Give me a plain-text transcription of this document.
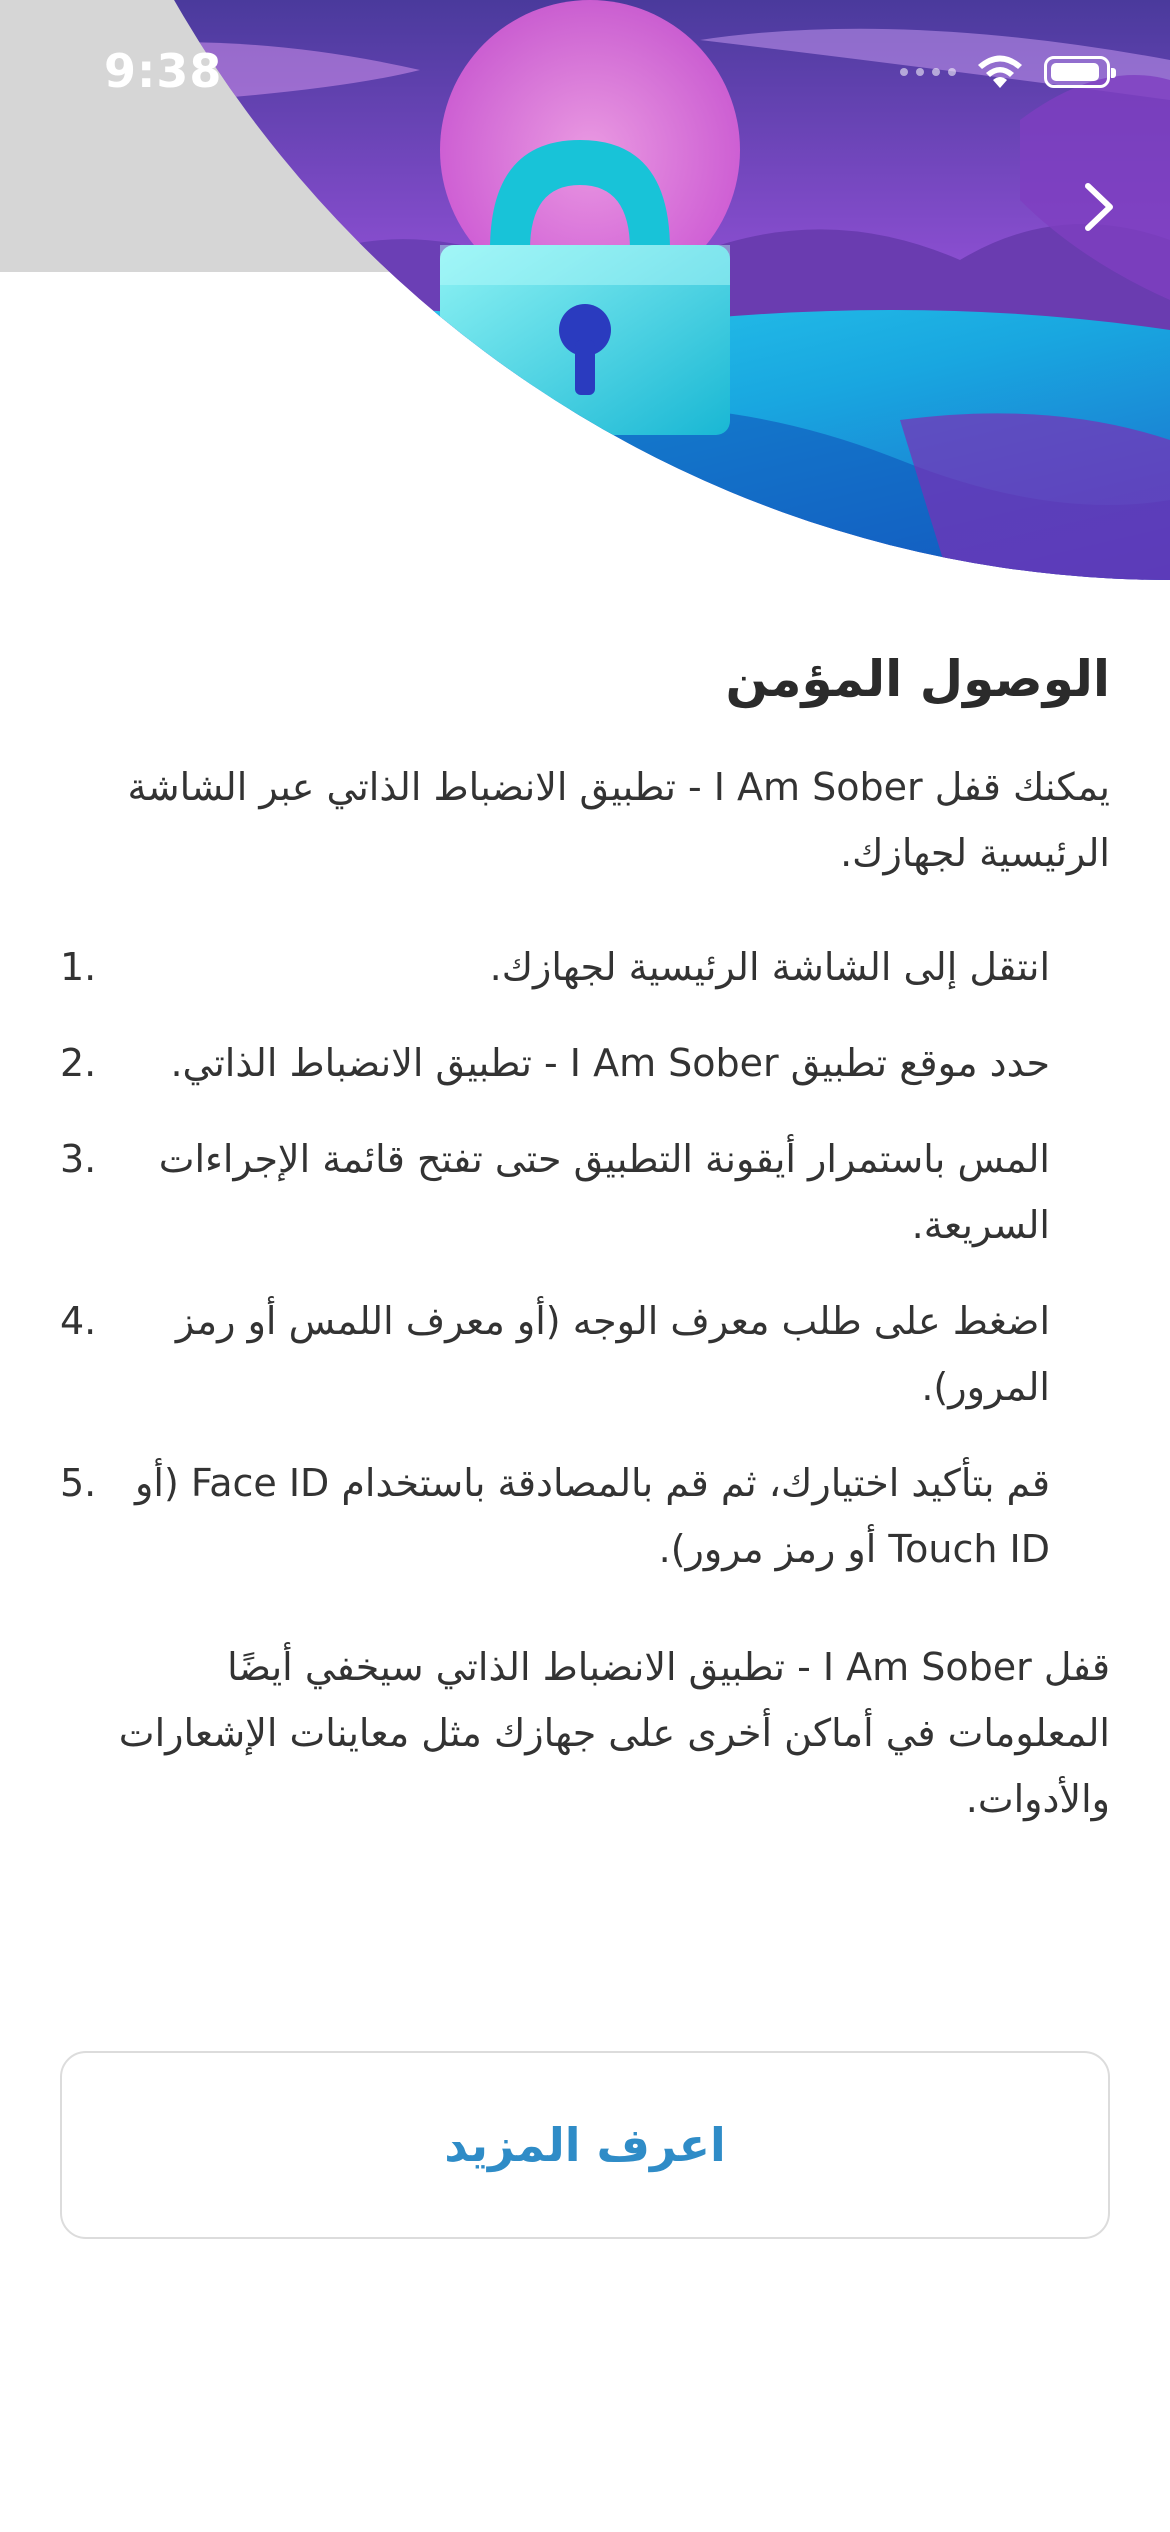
9:38
الوصول المؤمن

يمكنك قفل I Am Sober - تطبيق الانضباط الذاتي عبر الشاشة الرئيسية لجهازك.

انتقل إلى الشاشة الرئيسية لجهازك.
1.
حدد موقع تطبيق I Am Sober - تطبيق الانضباط الذاتي.
2.
المس باستمرار أيقونة التطبيق حتى تفتح قائمة الإجراءات السريعة.
3.
اضغط على طلب معرف الوجه (أو معرف اللمس أو رمز المرور).
4.
قم بتأكيد اختيارك، ثم قم بالمصادقة باستخدام Face ID (أو Touch ID أو رمز مرور).
5.

قفل I Am Sober - تطبيق الانضباط الذاتي سيخفي أيضًا المعلومات في أماكن أخرى على جهازك مثل معاينات الإشعارات والأدوات.

اعرف المزيد
